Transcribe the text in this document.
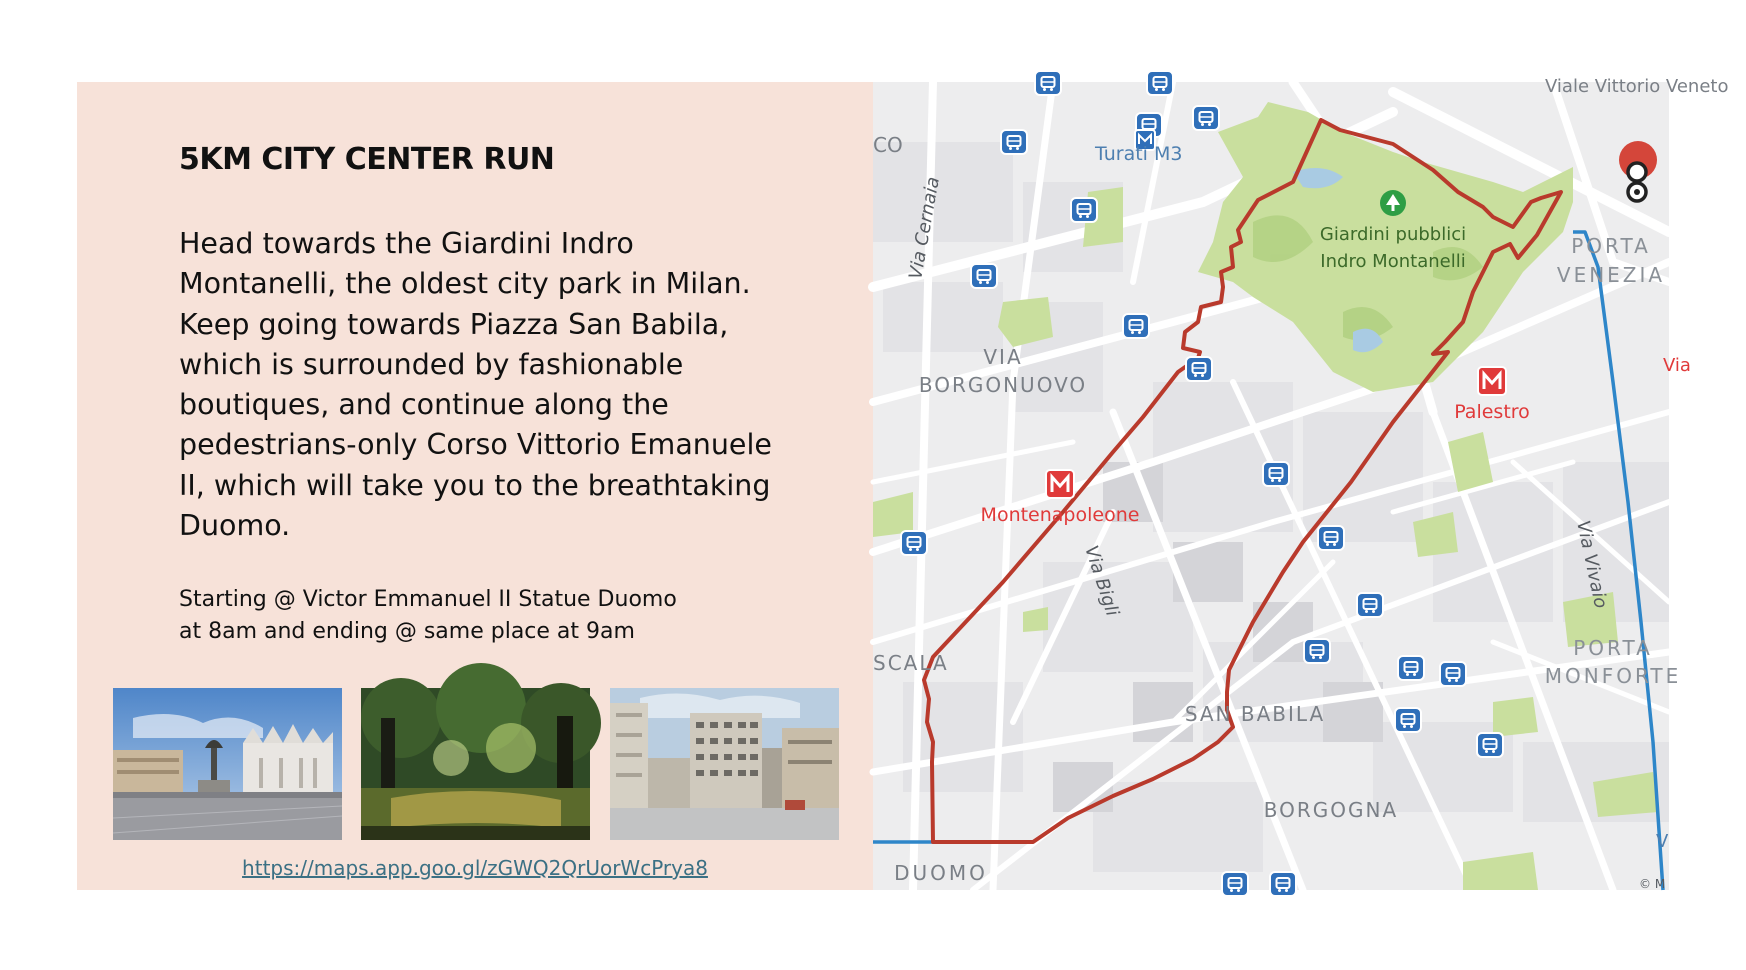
5KM CITY CENTER RUN

Head towards the Giardini Indro Montanelli, the oldest city park in Milan. Keep going towards Piazza San Babila, which is surrounded by fashionable boutiques, and continue along the pedestrians-only Corso Vittorio Emanuele II, which will take you to the breathtaking Duomo.

Starting @ Victor Emmanuel II Statue Duomo
at 8am and ending @ same place at 9am

https://maps.app.goo.gl/zGWQ2QrUorWcPrya8
Viale Vittorio Veneto
CO	Turati M3
Via Cernaia	Giardini pubblici
Indro Montanelli
PORTA
VENEZIA
Via
VIA
BORGONUOVO
Palestro
Montenapoleone
Via Bigli	Via Vivaio
PORTA
MONFORTE
SCALA
SAN BABILA
BORGOGNA
V
DUOMO	© M
